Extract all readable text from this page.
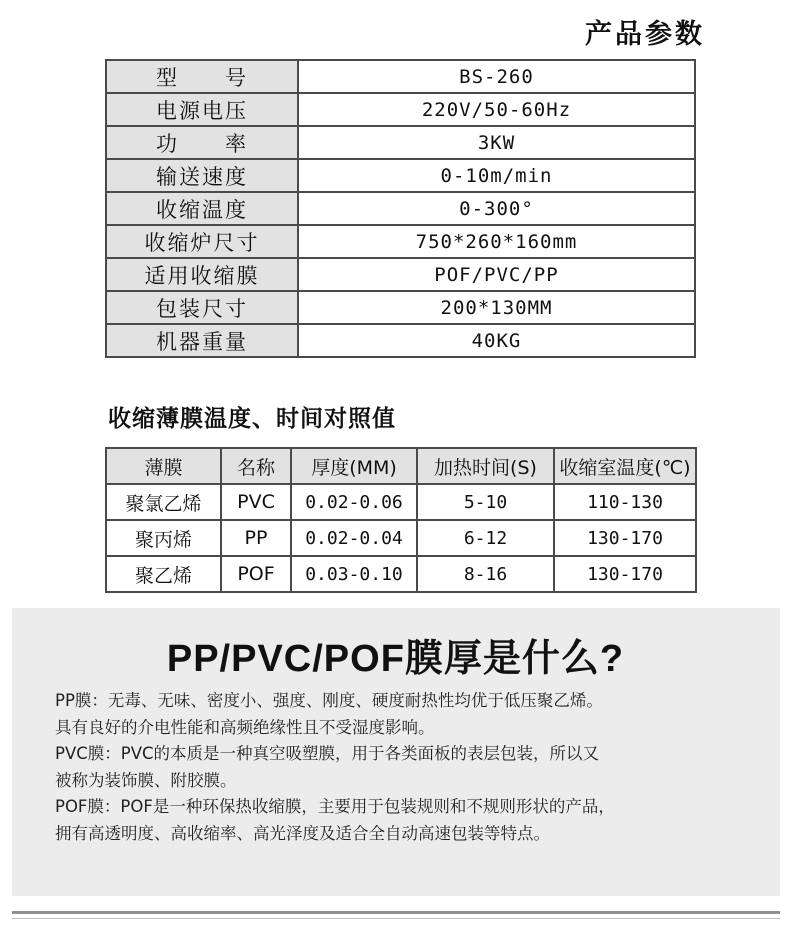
产品参数
型　　号	BS-260
电源电压	220V/50-60Hz
功　　率	3KW
输送速度	0-10m/min
收缩温度	0-300°
收缩炉尺寸	750*260*160mm
适用收缩膜	POF/PVC/PP
包装尺寸	200*130MM
机器重量	40KG
收缩薄膜温度、时间对照值
薄膜	名称	厚度(MM)	加热时间(S)	收缩室温度(℃)
聚氯乙烯	PVC	0.02-0.06	5-10	110-130
聚丙烯	PP	0.02-0.04	6-12	130-170
聚乙烯	POF	0.03-0.10	8-16	130-170
PP/PVC/POF膜厚是什么?

PP膜：无毒、无味、密度小、强度、刚度、硬度耐热性均优于低压聚乙烯。

具有良好的介电性能和高频绝缘性且不受湿度影响。

PVC膜：PVC的本质是一种真空吸塑膜，用于各类面板的表层包装，所以又

被称为装饰膜、附胶膜。

POF膜：POF是一种环保热收缩膜，主要用于包装规则和不规则形状的产品，

拥有高透明度、高收缩率、高光泽度及适合全自动高速包装等特点。
